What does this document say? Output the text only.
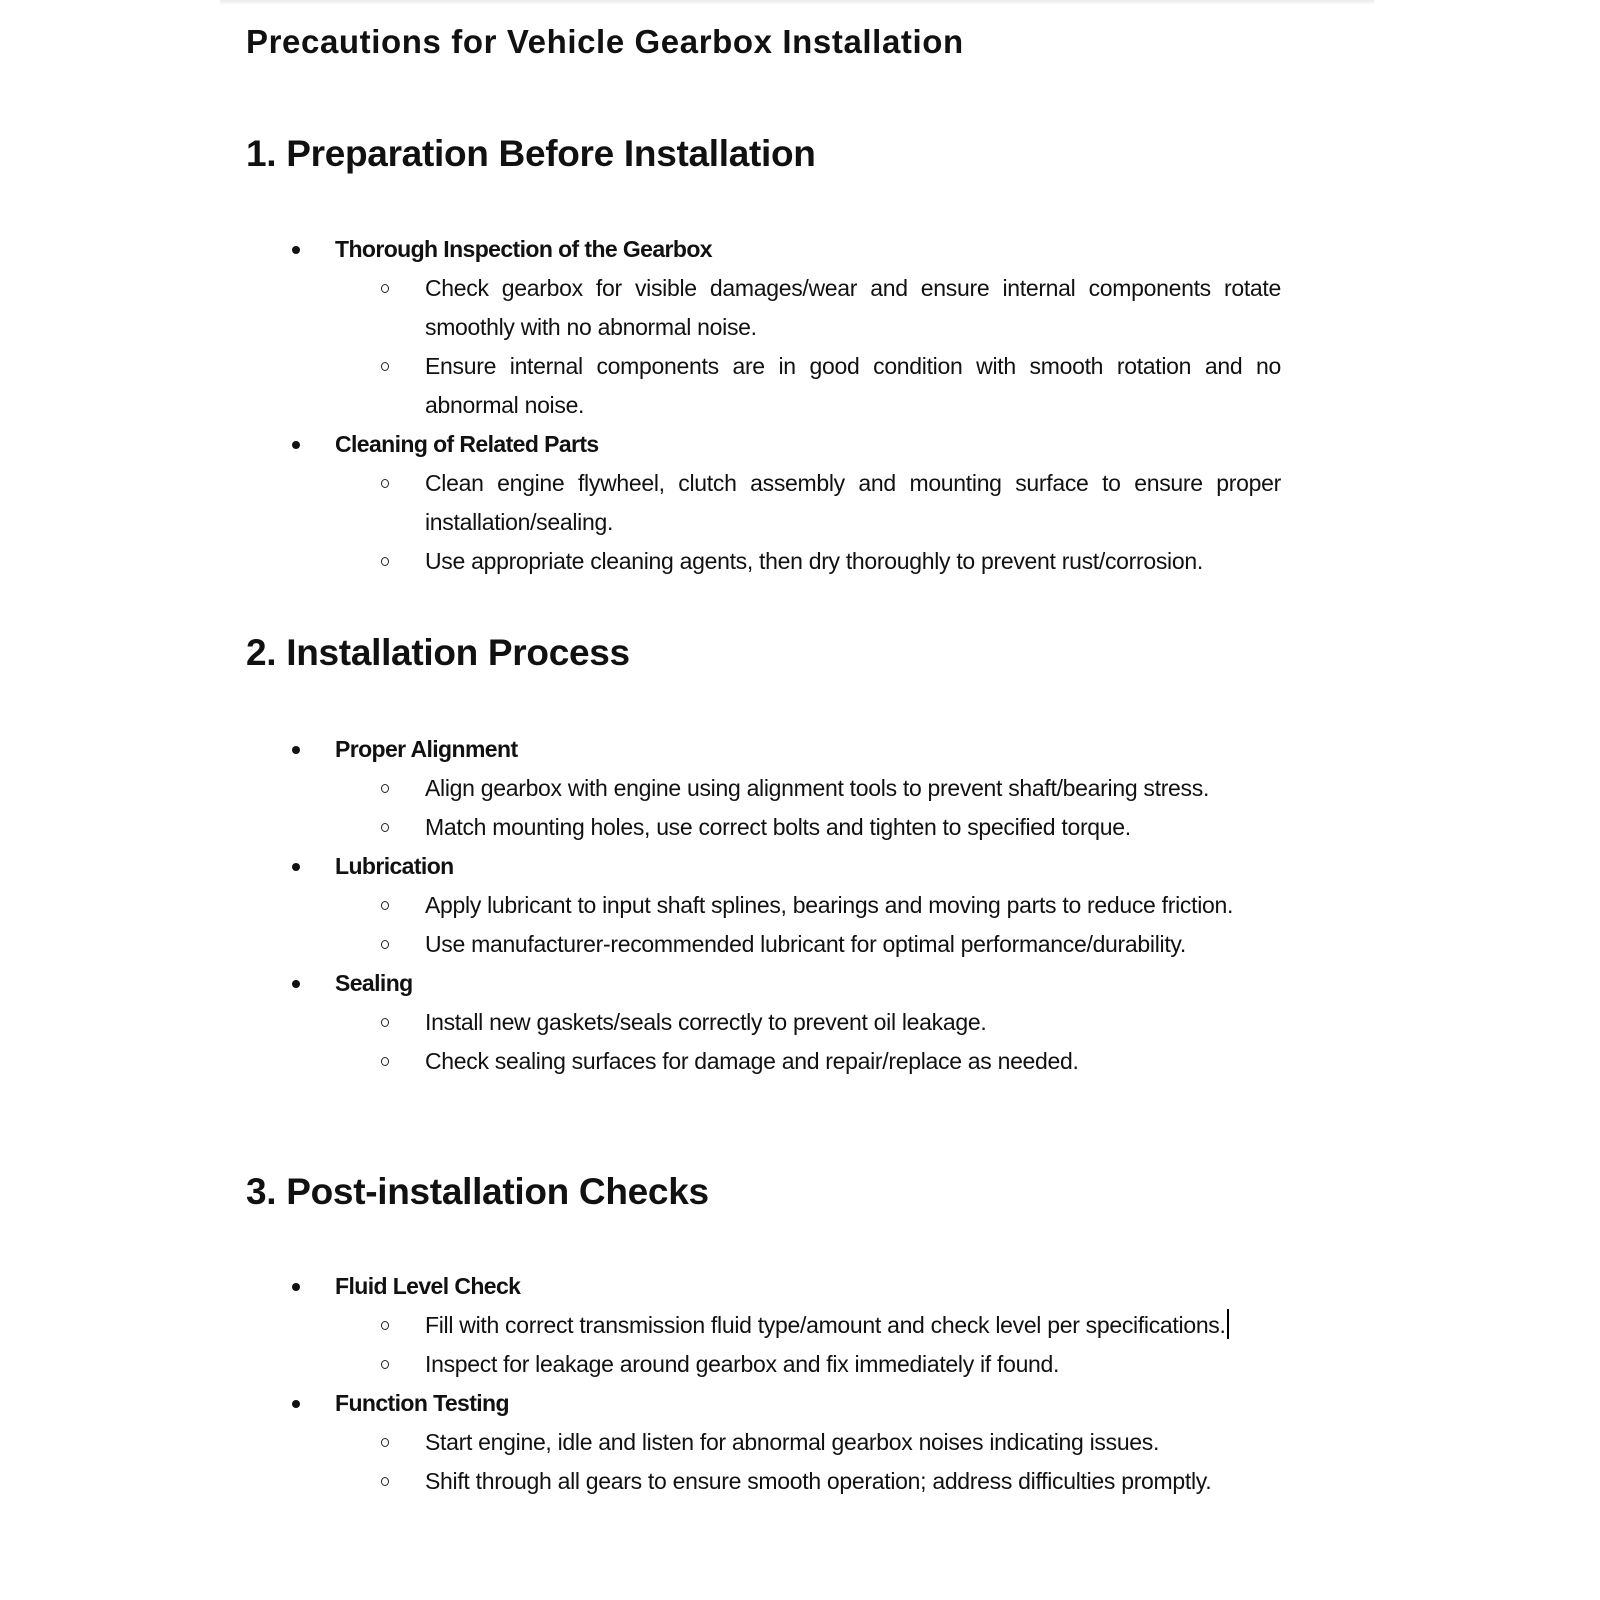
Precautions for Vehicle Gearbox Installation
1. Preparation Before Installation
Thorough Inspection of the Gearbox
Check gearbox for visible damages/wear and ensure internal components rotate smoothly with no abnormal noise.
Ensure internal components are in good condition with smooth rotation and no abnormal noise.
Cleaning of Related Parts
Clean engine flywheel, clutch assembly and mounting surface to ensure proper installation/sealing.
Use appropriate cleaning agents, then dry thoroughly to prevent rust/corrosion.
2. Installation Process
Proper Alignment
Align gearbox with engine using alignment tools to prevent shaft/bearing stress.
Match mounting holes, use correct bolts and tighten to specified torque.
Lubrication
Apply lubricant to input shaft splines, bearings and moving parts to reduce friction.
Use manufacturer-recommended lubricant for optimal performance/durability.
Sealing
Install new gaskets/seals correctly to prevent oil leakage.
Check sealing surfaces for damage and repair/replace as needed.
3. Post-installation Checks
Fluid Level Check
Fill with correct transmission fluid type/amount and check level per specifications.
Inspect for leakage around gearbox and fix immediately if found.
Function Testing
Start engine, idle and listen for abnormal gearbox noises indicating issues.
Shift through all gears to ensure smooth operation; address difficulties promptly.
